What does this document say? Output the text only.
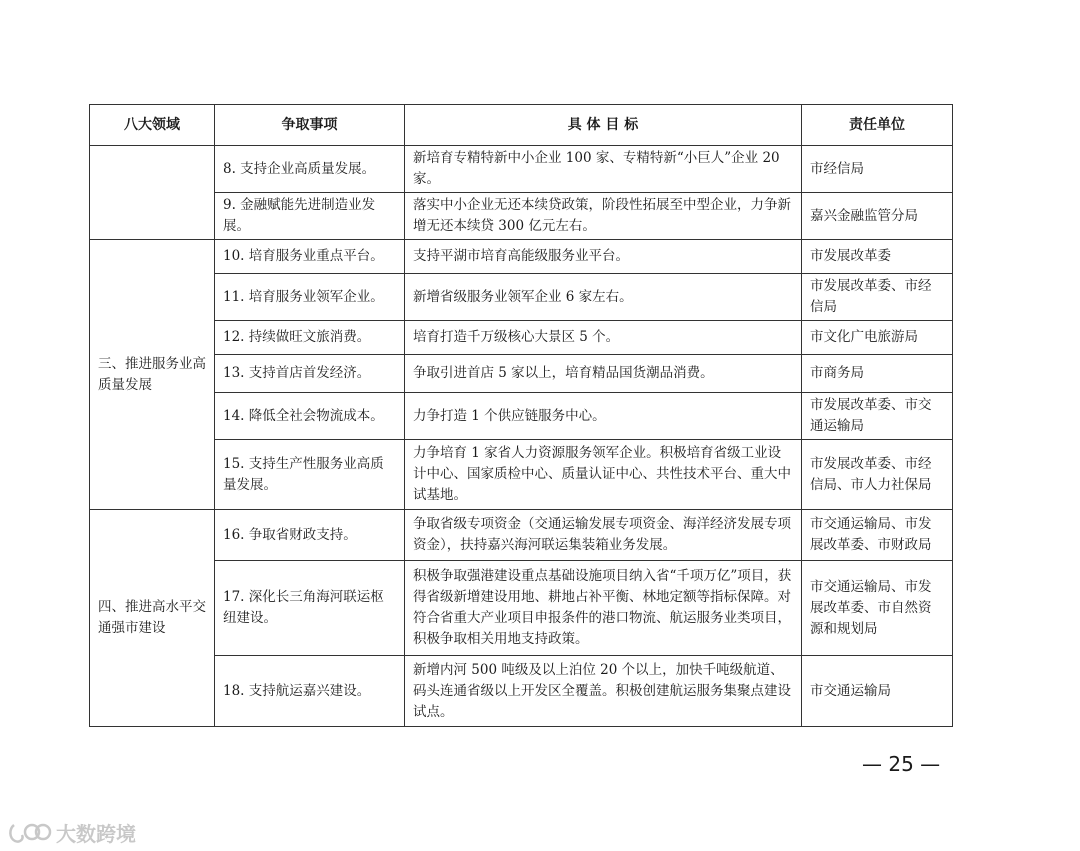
八大领域	争取事项	具 体 目 标	责任单位
	8. 支持企业高质量发展。	新培育专精特新中小企业 100 家、专精特新“小巨人”企业 20 家。	市经信局
	9. 金融赋能先进制造业发展。	落实中小企业无还本续贷政策，阶段性拓展至中型企业，力争新增无还本续贷 300 亿元左右。	嘉兴金融监管分局
三、推进服务业高质量发展	10. 培育服务业重点平台。	支持平湖市培育高能级服务业平台。	市发展改革委
	11. 培育服务业领军企业。	新增省级服务业领军企业 6 家左右。	市发展改革委、市经信局
	12. 持续做旺文旅消费。	培育打造千万级核心大景区 5 个。	市文化广电旅游局
	13. 支持首店首发经济。	争取引进首店 5 家以上，培育精品国货潮品消费。	市商务局
	14. 降低全社会物流成本。	力争打造 1 个供应链服务中心。	市发展改革委、市交通运输局
	15. 支持生产性服务业高质量发展。	力争培育 1 家省人力资源服务领军企业。积极培育省级工业设计中心、国家质检中心、质量认证中心、共性技术平台、重大中试基地。	市发展改革委、市经信局、市人力社保局
四、推进高水平交通强市建设	16. 争取省财政支持。	争取省级专项资金（交通运输发展专项资金、海洋经济发展专项资金），扶持嘉兴海河联运集装箱业务发展。	市交通运输局、市发展改革委、市财政局
	17. 深化长三角海河联运枢纽建设。	积极争取强港建设重点基础设施项目纳入省“千项万亿”项目，获得省级新增建设用地、耕地占补平衡、林地定额等指标保障。对符合省重大产业项目申报条件的港口物流、航运服务业类项目，积极争取相关用地支持政策。	市交通运输局、市发展改革委、市自然资源和规划局
	18. 支持航运嘉兴建设。	新增内河 500 吨级及以上泊位 20 个以上，加快千吨级航道、码头连通省级以上开发区全覆盖。积极创建航运服务集聚点建设试点。	市交通运输局
— 25 —
大数跨境
